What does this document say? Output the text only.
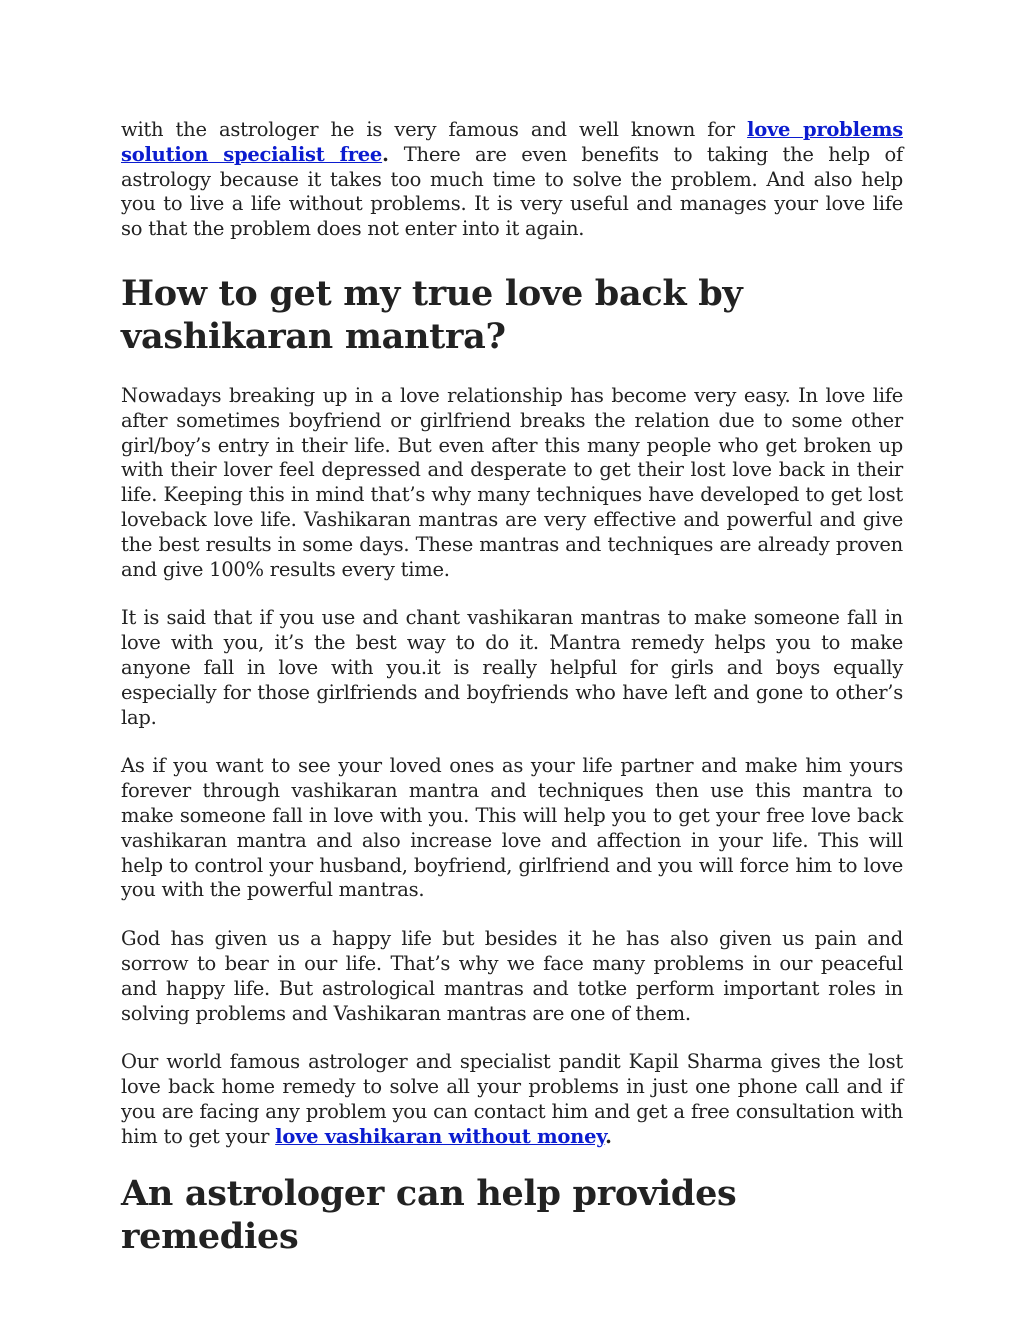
with the astrologer he is very famous and well known for love problems solution specialist free. There are even benefits to taking the help of astrology because it takes too much time to solve the problem. And also help you to live a life without problems. It is very useful and manages your love life so that the problem does not enter into it again.

How to get my true love back by vashikaran mantra?

Nowadays breaking up in a love relationship has become very easy. In love life after sometimes boyfriend or girlfriend breaks the relation due to some other girl/boy’s entry in their life. But even after this many people who get broken up with their lover feel depressed and desperate to get their lost love back in their life. Keeping this in mind that’s why many techniques have developed to get lost loveback love life. Vashikaran mantras are very effective and powerful and give the best results in some days. These mantras and techniques are already proven and give 100% results every time.

It is said that if you use and chant vashikaran mantras to make someone fall in love with you, it’s the best way to do it. Mantra remedy helps you to make anyone fall in love with you.it is really helpful for girls and boys equally especially for those girlfriends and boyfriends who have left and gone to other’s lap.

As if you want to see your loved ones as your life partner and make him yours forever through vashikaran mantra and techniques then use this mantra to make someone fall in love with you. This will help you to get your free love back vashikaran mantra and also increase love and affection in your life. This will help to control your husband, boyfriend, girlfriend and you will force him to love you with the powerful mantras.

God has given us a happy life but besides it he has also given us pain and sorrow to bear in our life. That’s why we face many problems in our peaceful and happy life. But astrological mantras and totke perform important roles in solving problems and Vashikaran mantras are one of them.

Our world famous astrologer and specialist pandit Kapil Sharma gives the lost love back home remedy to solve all your problems in just one phone call and if you are facing any problem you can contact him and get a free consultation with him to get your love vashikaran without money.

An astrologer can help provides remedies
